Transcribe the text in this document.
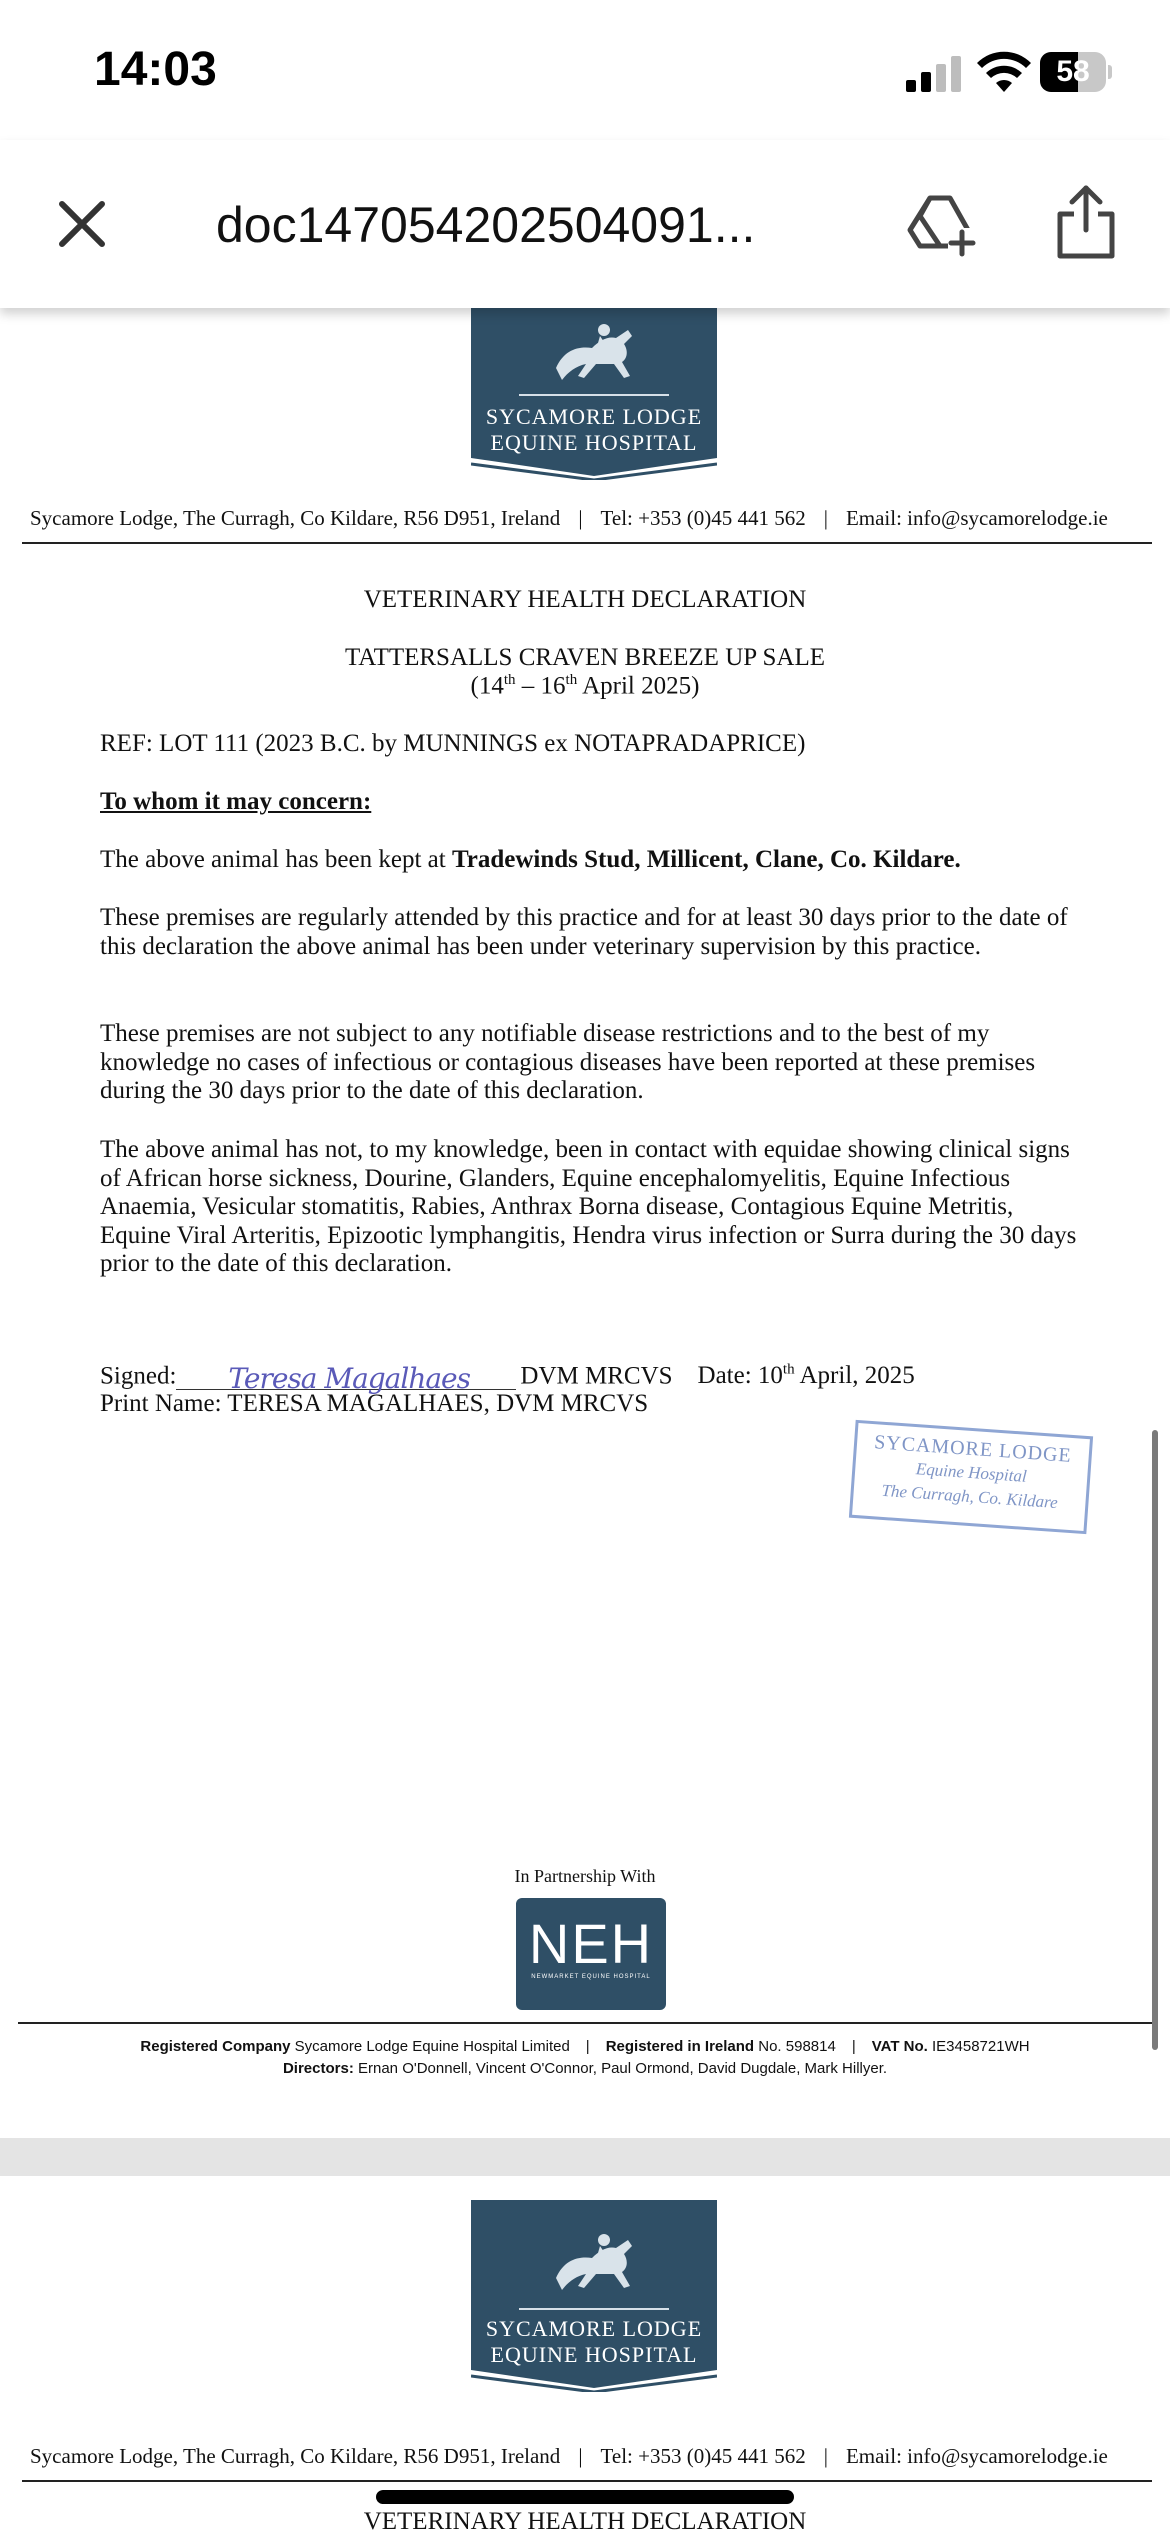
14:03	58
doc147054202504091...
SYCAMORE LODGE
EQUINE HOSPITAL
Sycamore Lodge, The Curragh, Co Kildare, R56 D951, Ireland | Tel: +353 (0)45 441 562 | Email: info@sycamorelodge.ie
VETERINARY HEALTH DECLARATION
TATTERSALLS CRAVEN BREEZE UP SALE
(14th – 16th April 2025)
REF: LOT 111 (2023 B.C. by MUNNINGS ex NOTAPRADAPRICE)
To whom it may concern:
The above animal has been kept at Tradewinds Stud, Millicent, Clane, Co. Kildare.
These premises are regularly attended by this practice and for at least 30 days prior to the date of this declaration the above animal has been under veterinary supervision by this practice.
These premises are not subject to any notifiable disease restrictions and to the best of my knowledge no cases of infectious or contagious diseases have been reported at these premises during the 30 days prior to the date of this declaration.
The above animal has not, to my knowledge, been in contact with equidae showing clinical signs of African horse sickness, Dourine, Glanders, Equine encephalomyelitis, Equine Infectious Anaemia, Vesicular stomatitis, Rabies, Anthrax Borna disease, Contagious Equine Metritis, Equine Viral Arteritis, Epizootic lymphangitis, Hendra virus infection or Surra during the 30 days prior to the date of this declaration.
Signed: Teresa Magalhaes DVM MRCVS Date: 10th April, 2025
Print Name: TERESA MAGALHAES, DVM MRCVS
SYCAMORE LODGE
Equine Hospital
The Curragh, Co. Kildare
In Partnership With
NEH
NEWMARKET EQUINE HOSPITAL
Registered Company Sycamore Lodge Equine Hospital Limited | Registered in Ireland No. 598814 | VAT No. IE3458721WH
Directors: Ernan O'Donnell, Vincent O'Connor, Paul Ormond, David Dugdale, Mark Hillyer.
SYCAMORE LODGE
EQUINE HOSPITAL
Sycamore Lodge, The Curragh, Co Kildare, R56 D951, Ireland | Tel: +353 (0)45 441 562 | Email: info@sycamorelodge.ie
VETERINARY HEALTH DECLARATION
